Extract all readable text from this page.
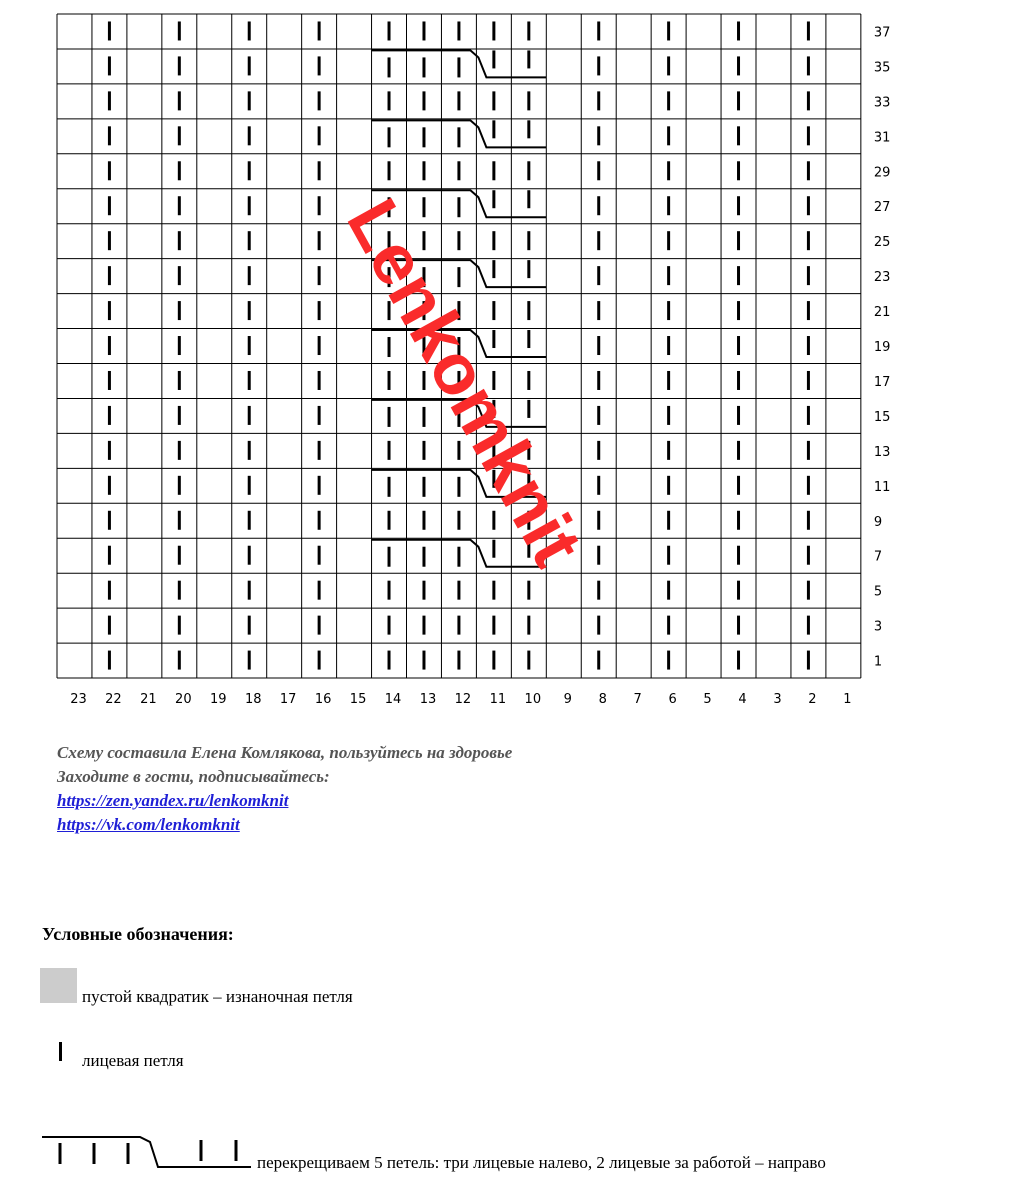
37
35
33
31
29
27
25
23
21
19
17
15
13
11
9
7
5
3
1
23 22 21 20 19 18 17 16 15 14 13 12 11 10 9 8 7 6 5 4 3 2 1
Lenkomknit
Схему составила Елена Комлякова, пользуйтесь на здоровье
Заходите в гости, подписывайтесь:
https://zen.yandex.ru/lenkomknit
https://vk.com/lenkomknit
Условные обозначения:
пустой квадратик – изнаночная петля
лицевая петля
перекрещиваем 5 петель: три лицевые налево, 2 лицевые за работой – направо
